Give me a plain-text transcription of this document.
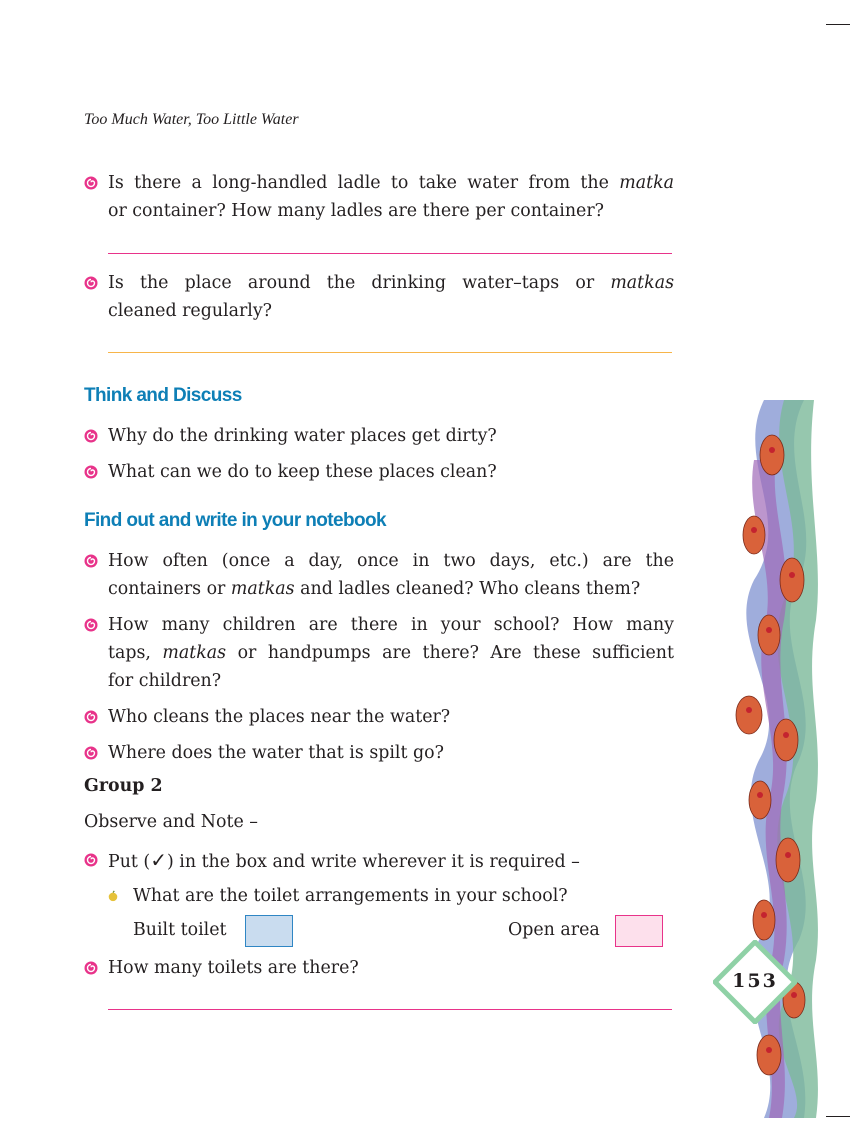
Too Much Water, Too Little Water
Is there a long-handled ladle to take water from the matka
or container? How many ladles are there per container?
Is the place around the drinking water–taps or matkas
cleaned regularly?
Think and Discuss
Why do the drinking water places get dirty?
What can we do to keep these places clean?
Find out and write in your notebook
How often (once a day, once in two days, etc.) are the
containers or matkas and ladles cleaned? Who cleans them?
How many children are there in your school? How many
taps, matkas or handpumps are there? Are these sufficient
for children?
Who cleans the places near the water?
Where does the water that is spilt go?
Group 2
Observe and Note –
Put (✓) in the box and write wherever it is required –
What are the toilet arrangements in your school?
Built toilet	Open area
How many toilets are there?
153
